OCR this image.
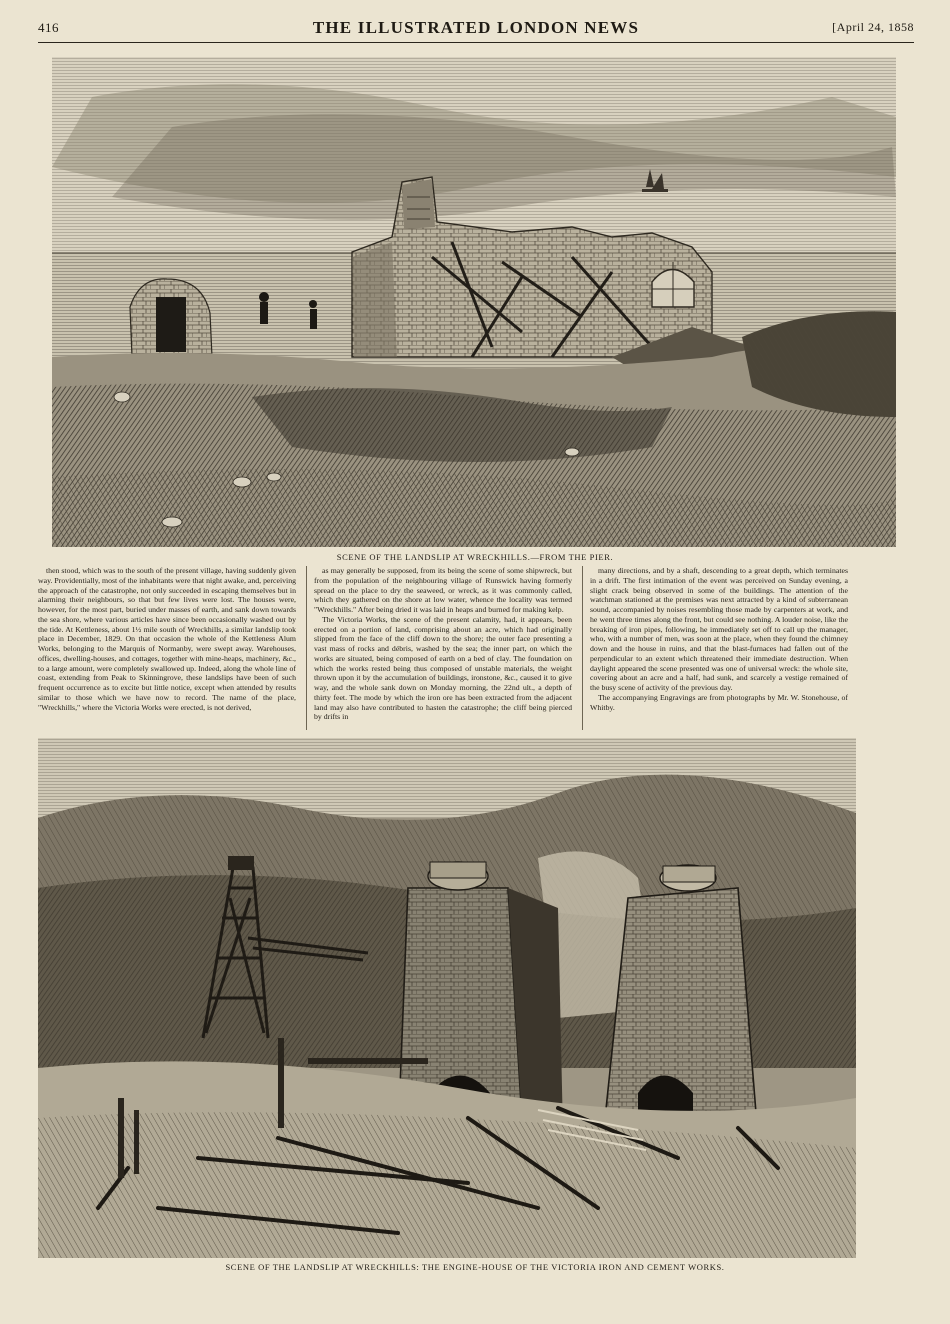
416	THE ILLUSTRATED LONDON NEWS	[April 24, 1858
SCENE OF THE LANDSLIP AT WRECKHILLS.—FROM THE PIER.

then stood, which was to the south of the present village, having suddenly given way. Providentially, most of the inhabitants were that night awake, and, perceiving the approach of the catastrophe, not only succeeded in escaping themselves but in alarming their neighbours, so that but few lives were lost. The houses were, however, for the most part, buried under masses of earth, and sank down towards the sea shore, where various articles have since been occasionally washed out by the tide. At Kettleness, about 1½ mile south of Wreckhills, a similar landslip took place in December, 1829. On that occasion the whole of the Kettleness Alum Works, belonging to the Marquis of Normanby, were swept away. Warehouses, offices, dwelling-houses, and cottages, together with mine-heaps, machinery, &c., to a large amount, were completely swallowed up. Indeed, along the whole line of coast, extending from Peak to Skinningrove, these landslips have been of such frequent occurrence as to excite but little notice, except when attended by results similar to those which we have now to record. The name of the place, "Wreckhills," where the Victoria Works were erected, is not derived,

as may generally be supposed, from its being the scene of some shipwreck, but from the population of the neighbouring village of Runswick having formerly spread on the place to dry the seaweed, or wreck, as it was commonly called, which they gathered on the shore at low water, whence the locality was termed "Wreckhills." After being dried it was laid in heaps and burned for making kelp.

The Victoria Works, the scene of the present calamity, had, it appears, been erected on a portion of land, comprising about an acre, which had originally slipped from the face of the cliff down to the shore; the outer face presenting a vast mass of rocks and débris, washed by the sea; the inner part, on which the works are situated, being composed of earth on a bed of clay. The foundation on which the works rested being thus composed of unstable materials, the weight thrown upon it by the accumulation of buildings, ironstone, &c., caused it to give way, and the whole sank down on Monday morning, the 22nd ult., a depth of thirty feet. The mode by which the iron ore has been extracted from the adjacent land may also have contributed to hasten the catastrophe; the cliff being pierced by drifts in

many directions, and by a shaft, descending to a great depth, which terminates in a drift. The first intimation of the event was perceived on Sunday evening, a slight crack being observed in some of the buildings. The attention of the watchman stationed at the premises was next attracted by a kind of subterranean sound, accompanied by noises resembling those made by carpenters at work, and he went three times along the front, but could see nothing. A louder noise, like the breaking of iron pipes, following, he immediately set off to call up the manager, who, with a number of men, was soon at the place, when they found the chimney down and the house in ruins, and that the blast-furnaces had fallen out of the perpendicular to an extent which threatened their immediate destruction. When daylight appeared the scene presented was one of universal wreck: the whole site, covering about an acre and a half, had sunk, and scarcely a vestige remained of the busy scene of activity of the previous day.

The accompanying Engravings are from photographs by Mr. W. Stonehouse, of Whitby.

SCENE OF THE LANDSLIP AT WRECKHILLS: THE ENGINE-HOUSE OF THE VICTORIA IRON AND CEMENT WORKS.
